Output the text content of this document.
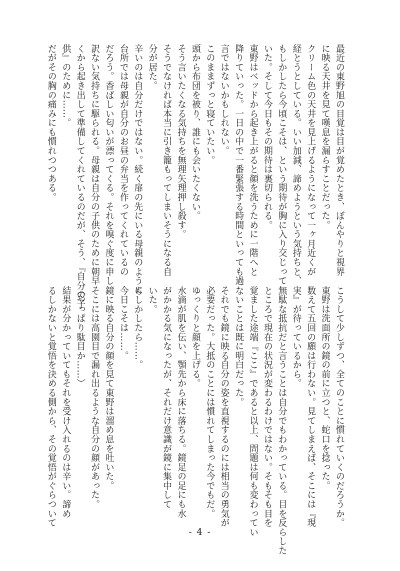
最近の東野旭の目覚は目が覚めたとき、ぼんやりと視界
に映る天井を見て嘆息を漏らすことだった。
クリーム色の天井を見上げるようになって一ヶ月近くが
経とうとしている。いい加減、諦めようという気持ちと、
もしかしたら今頃こそは、という期待が胸に入り交じって
いた。そして今日もその期待は裏切られる。
東野はベッドから起き上がると顔を洗うために一階へと
降りていった。一日の中で一番緊張する時間といっても過
言ではないかもしれない。
このままずっと寝ていたい。
頭から布団を被り、誰にも会いたくない。
そう言いたくなる気持ちを無理矢理押し殺す。
そうでなければ本当に引き籠もってしまいそうになる自
分が居た。
辛いのは自分だけではない。続く扉の先にいる母親のように
台所では母親が自分のお昼の弁当を作ってくれているの
だろう。香ばしい匂いが漂ってくる。それを嗅ぐ度に申し
訳ない気持ちに駆られる。母親は自分の子供のために朝早
くから起き出して準備してくれているのだが、そう、『自分の子
供』のために……。
だがその胸の痛みにも慣れつつある。
こうして少しずつ、全てのことに慣れていくのだろうか。
東野は洗面所の鏡の前に立つと、蛇口を捻った。
数えて五回の願は行わない。見てしまえば、そこには『現
実』が待っているから。
無駄な抵抗だと言うことは自分でもわかっている。目を反らした
ところで現在の状況が変わるわけではない。そもそも目を
覚ました途端『ここ』であると以上、問題は何も変わってい
ないことは既に明白だった。
それでも鏡に映る自分の姿を直視するのには相当の勇気が
必要だった。大抵のことには慣れてしまった今でもだ。
ゆっくりと顔を上げる。
水滴が肌を伝い、顎先から床に落ちる。鏡足の足にも水
がかかる気になったが、それだけ意識が鏡に集中して
いた。
もしかしたら……。
今日こそは……。
鏡に映る自分の顔を見て東野は溜め息を吐いた。
そこには高園目で漏れ出るような自分の顔があった。
（やっぱり駄目か……）
結果が分かっていてもそれを受け入れるのは辛い。諦め
るしかないと覚悟を決める側から、その覚悟がぐらついて
- 4 -
